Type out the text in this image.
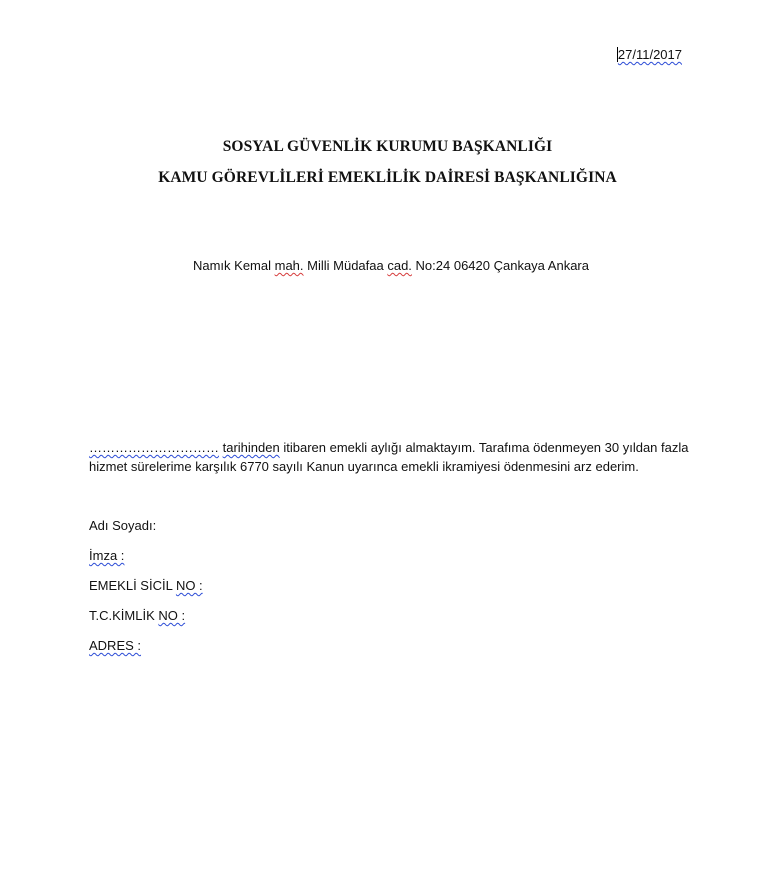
27/11/2017
SOSYAL GÜVENLİK KURUMU BAŞKANLIĞI
KAMU GÖREVLİLERİ EMEKLİLİK DAİRESİ BAŞKANLIĞINA
Namık Kemal mah. Milli Müdafaa cad. No:24 06420 Çankaya Ankara
………………………… tarihinden itibaren emekli aylığı almaktayım. Tarafıma ödenmeyen 30 yıldan fazla
hizmet sürelerime karşılık 6770 sayılı Kanun uyarınca emekli ikramiyesi ödenmesini arz ederim.
Adı Soyadı:
İmza :
EMEKLİ SİCİL NO :
T.C.KİMLİK NO :
ADRES :
